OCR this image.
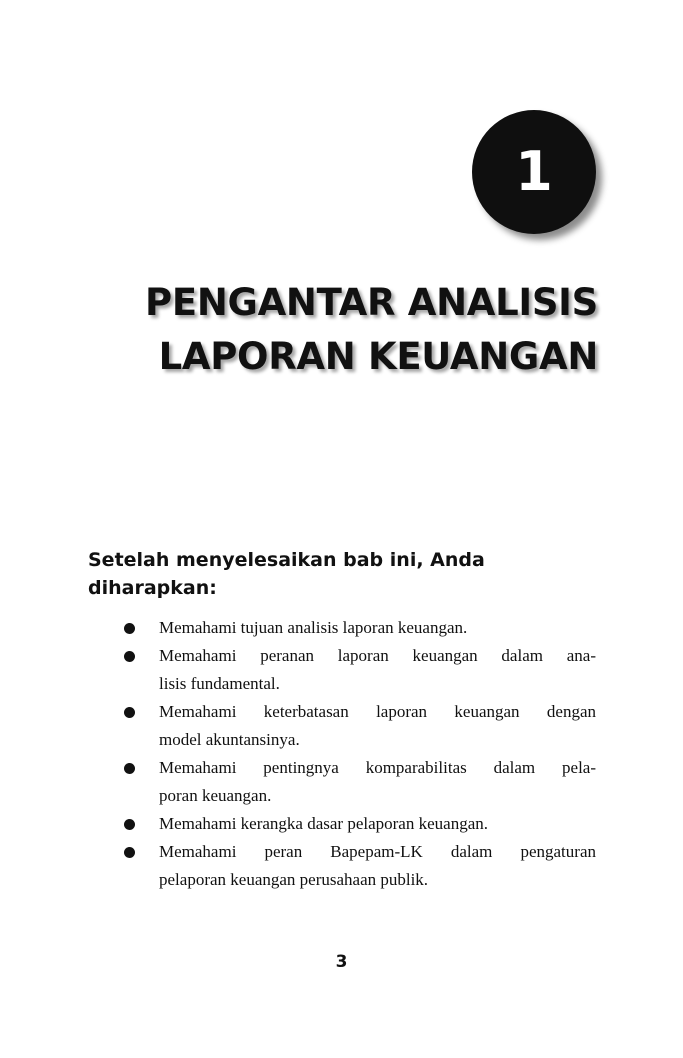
1
PENGANTAR ANALISIS
LAPORAN KEUANGAN
Setelah menyelesaikan bab ini, Anda
diharapkan:
Memahami tujuan analisis laporan keuangan.
Memahami peranan laporan keuangan dalam ana-
lisis fundamental.
Memahami keterbatasan laporan keuangan dengan
model akuntansinya.
Memahami pentingnya komparabilitas dalam pela-
poran keuangan.
Memahami kerangka dasar pelaporan keuangan.
Memahami peran Bapepam-LK dalam pengaturan
pelaporan keuangan perusahaan publik.
3
